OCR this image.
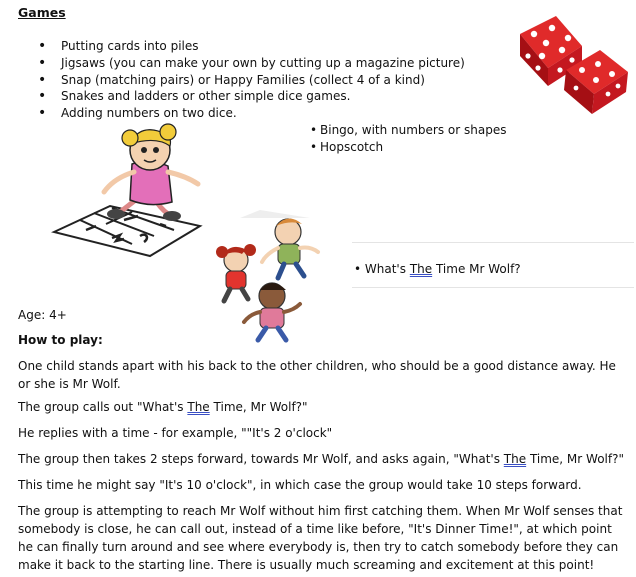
Games
• Putting cards into piles
• Jigsaws (you can make your own by cutting up a magazine picture)
• Snap (matching pairs) or Happy Families (collect 4 of a kind)
• Snakes and ladders or other simple dice games.
• Adding numbers on two dice.
• Bingo, with numbers or shapes
• Hopscotch
• What's The Time Mr Wolf?
Age: 4+
How to play:
One child stands apart with his back to the other children, who should be a good distance away. He or she is Mr Wolf.
The group calls out "What's The Time, Mr Wolf?"
He replies with a time - for example, ""It's 2 o'clock"
The group then takes 2 steps forward, towards Mr Wolf, and asks again, "What's The Time, Mr Wolf?"
This time he might say "It's 10 o'clock", in which case the group would take 10 steps forward.
The group is attempting to reach Mr Wolf without him first catching them. When Mr Wolf senses that somebody is close, he can call out, instead of a time like before, "It's Dinner Time!", at which point he can finally turn around and see where everybody is, then try to catch somebody before they can make it back to the starting line. There is usually much screaming and excitement at this point!
